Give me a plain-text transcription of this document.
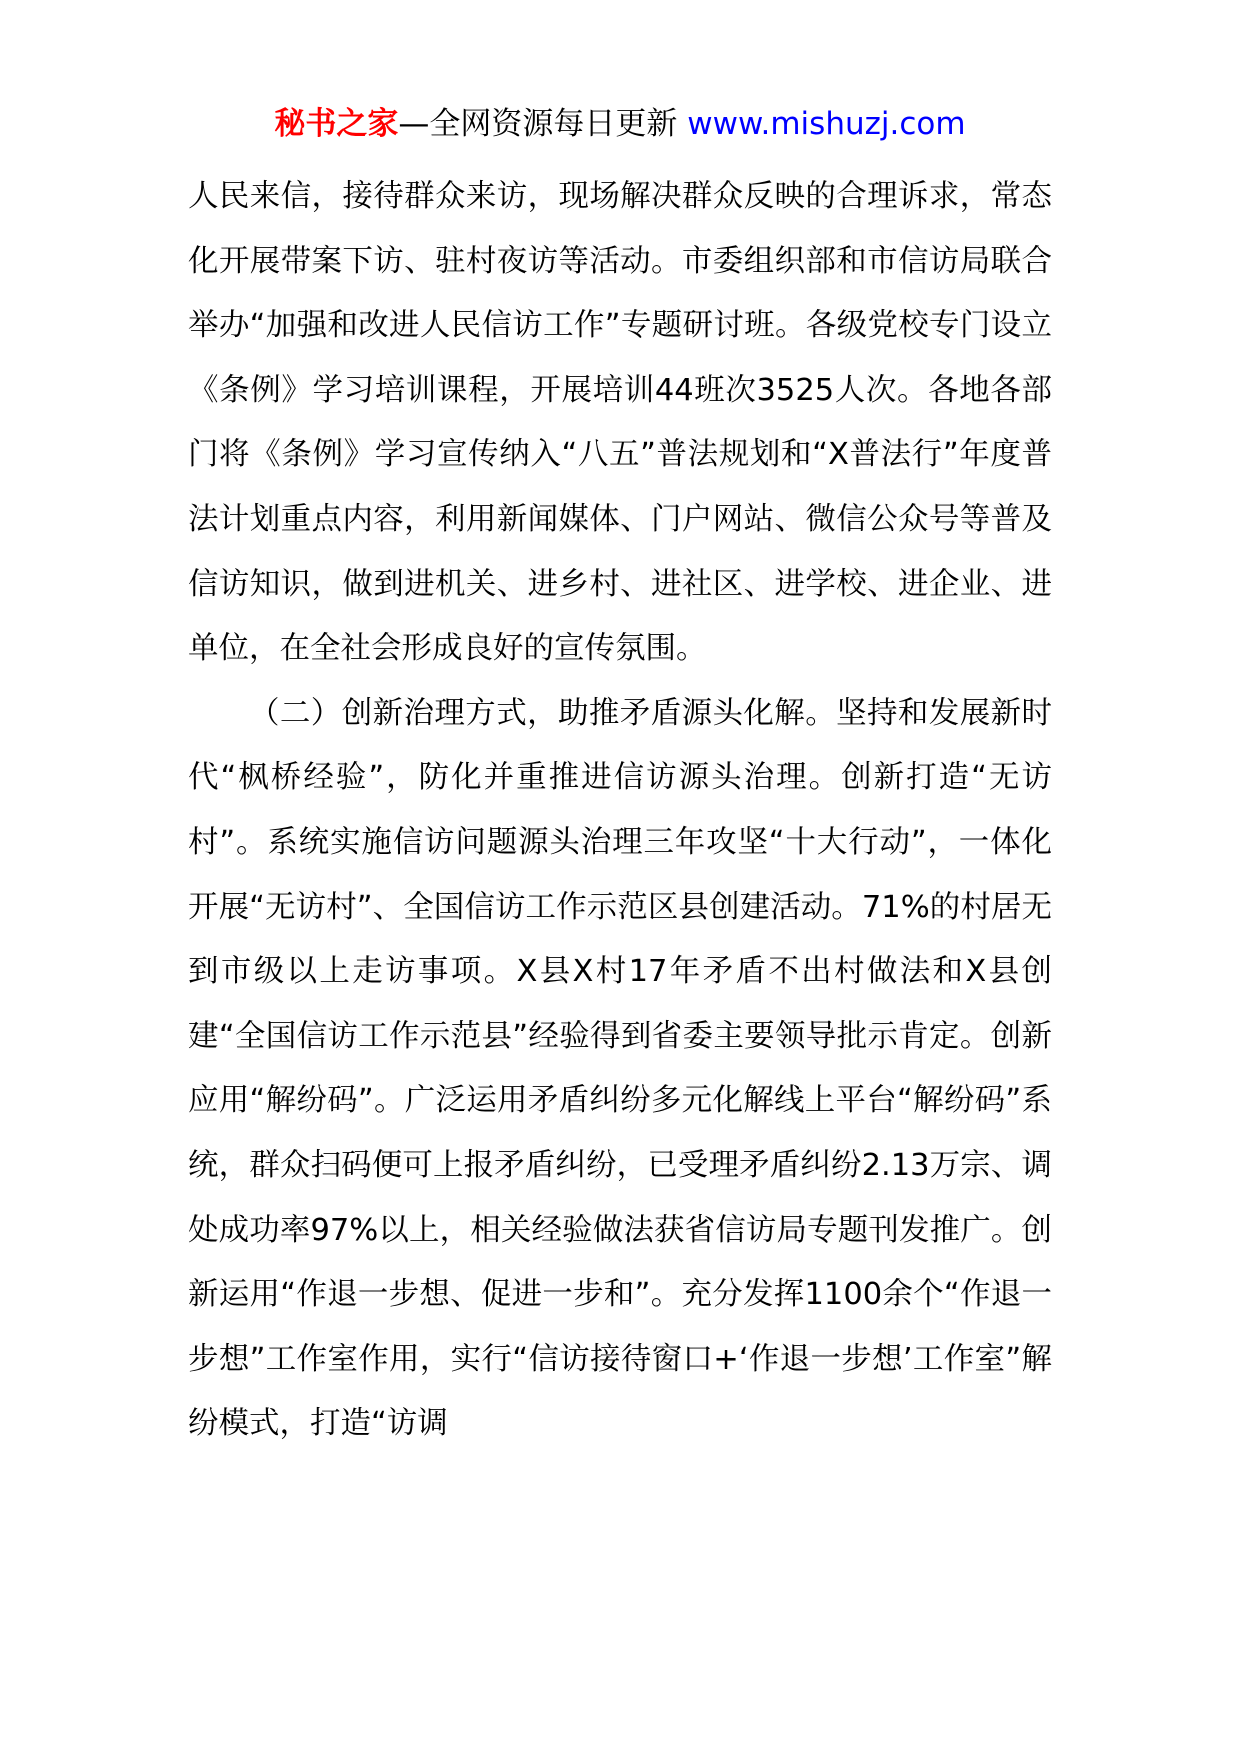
秘书之家—全网资源每日更新 www.mishuzj.com

人民来信，接待群众来访，现场解决群众反映的合理诉求，常态化开展带案下访、驻村夜访等活动。市委组织部和市信访局联合举办“加强和改进人民信访工作”专题研讨班。各级党校专门设立《条例》学习培训课程，开展培训44班次3525人次。各地各部门将《条例》学习宣传纳入“八五”普法规划和“X普法行”年度普法计划重点内容，利用新闻媒体、门户网站、微信公众号等普及信访知识，做到进机关、进乡村、进社区、进学校、进企业、进单位，在全社会形成良好的宣传氛围。

（二）创新治理方式，助推矛盾源头化解。坚持和发展新时代“枫桥经验”，防化并重推进信访源头治理。创新打造“无访村”。系统实施信访问题源头治理三年攻坚“十大行动”，一体化开展“无访村”、全国信访工作示范区县创建活动。71%的村居无到市级以上走访事项。X县X村17年矛盾不出村做法和X县创建“全国信访工作示范县”经验得到省委主要领导批示肯定。创新应用“解纷码”。广泛运用矛盾纠纷多元化解线上平台“解纷码”系统，群众扫码便可上报矛盾纠纷，已受理矛盾纠纷2.13万宗、调处成功率97%以上，相关经验做法获省信访局专题刊发推广。创新运用“作退一步想、促进一步和”。充分发挥1100余个“作退一步想”工作室作用，实行“信访接待窗口+‘作退一步想’工作室”解纷模式，打造“访调
